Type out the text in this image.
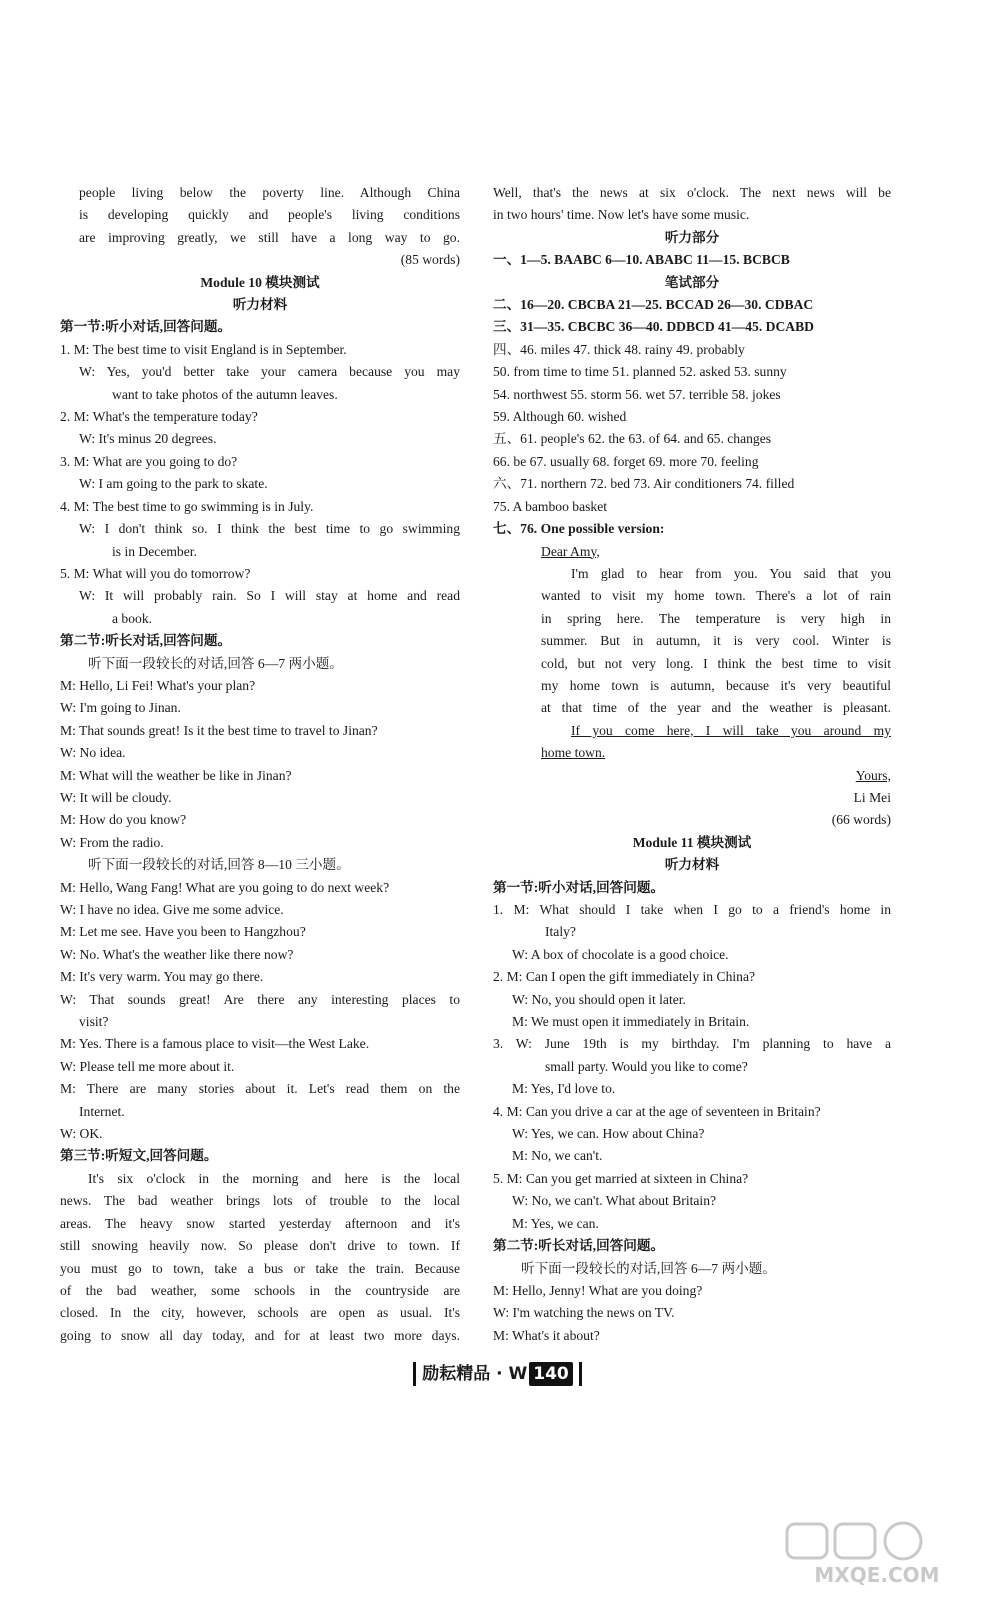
people living below the poverty line. Although China
is developing quickly and people's living conditions
are improving greatly, we still have a long way to go.
(85 words)
Module 10 模块测试
听力材料
第一节:听小对话,回答问题。
1. M: The best time to visit England is in September.
W: Yes, you'd better take your camera because you may
want to take photos of the autumn leaves.
2. M: What's the temperature today?
W: It's minus 20 degrees.
3. M: What are you going to do?
W: I am going to the park to skate.
4. M: The best time to go swimming is in July.
W: I don't think so. I think the best time to go swimming
is in December.
5. M: What will you do tomorrow?
W: It will probably rain. So I will stay at home and read
a book.
第二节:听长对话,回答问题。
听下面一段较长的对话,回答 6—7 两小题。
M: Hello, Li Fei! What's your plan?
W: I'm going to Jinan.
M: That sounds great! Is it the best time to travel to Jinan?
W: No idea.
M: What will the weather be like in Jinan?
W: It will be cloudy.
M: How do you know?
W: From the radio.
听下面一段较长的对话,回答 8—10 三小题。
M: Hello, Wang Fang! What are you going to do next week?
W: I have no idea. Give me some advice.
M: Let me see. Have you been to Hangzhou?
W: No. What's the weather like there now?
M: It's very warm. You may go there.
W: That sounds great! Are there any interesting places to
visit?
M: Yes. There is a famous place to visit—the West Lake.
W: Please tell me more about it.
M: There are many stories about it. Let's read them on the
Internet.
W: OK.
第三节:听短文,回答问题。
It's six o'clock in the morning and here is the local
news. The bad weather brings lots of trouble to the local
areas. The heavy snow started yesterday afternoon and it's
still snowing heavily now. So please don't drive to town. If
you must go to town, take a bus or take the train. Because
of the bad weather, some schools in the countryside are
closed. In the city, however, schools are open as usual. It's
going to snow all day today, and for at least two more days.
Well, that's the news at six o'clock. The next news will be
in two hours' time. Now let's have some music.
听力部分
一、1—5. BAABC 6—10. ABABC 11—15. BCBCB
笔试部分
二、16—20. CBCBA 21—25. BCCAD 26—30. CDBAC
三、31—35. CBCBC 36—40. DDBCD 41—45. DCABD
四、46. miles 47. thick 48. rainy 49. probably
50. from time to time 51. planned 52. asked 53. sunny
54. northwest 55. storm 56. wet 57. terrible 58. jokes
59. Although 60. wished
五、61. people's 62. the 63. of 64. and 65. changes
66. be 67. usually 68. forget 69. more 70. feeling
六、71. northern 72. bed 73. Air conditioners 74. filled
75. A bamboo basket
七、76. One possible version:
Dear Amy,
I'm glad to hear from you. You said that you
wanted to visit my home town. There's a lot of rain
in spring here. The temperature is very high in
summer. But in autumn, it is very cool. Winter is
cold, but not very long. I think the best time to visit
my home town is autumn, because it's very beautiful
at that time of the year and the weather is pleasant.
If you come here, I will take you around my
home town.
Yours,
Li Mei
(66 words)
Module 11 模块测试
听力材料
第一节:听小对话,回答问题。
1. M: What should I take when I go to a friend's home in
Italy?
W: A box of chocolate is a good choice.
2. M: Can I open the gift immediately in China?
W: No, you should open it later.
M: We must open it immediately in Britain.
3. W: June 19th is my birthday. I'm planning to have a
small party. Would you like to come?
M: Yes, I'd love to.
4. M: Can you drive a car at the age of seventeen in Britain?
W: Yes, we can. How about China?
M: No, we can't.
5. M: Can you get married at sixteen in China?
W: No, we can't. What about Britain?
M: Yes, we can.
第二节:听长对话,回答问题。
听下面一段较长的对话,回答 6—7 两小题。
M: Hello, Jenny! What are you doing?
W: I'm watching the news on TV.
M: What's it about?
励耘精品 · W 140
MXQE.COM
